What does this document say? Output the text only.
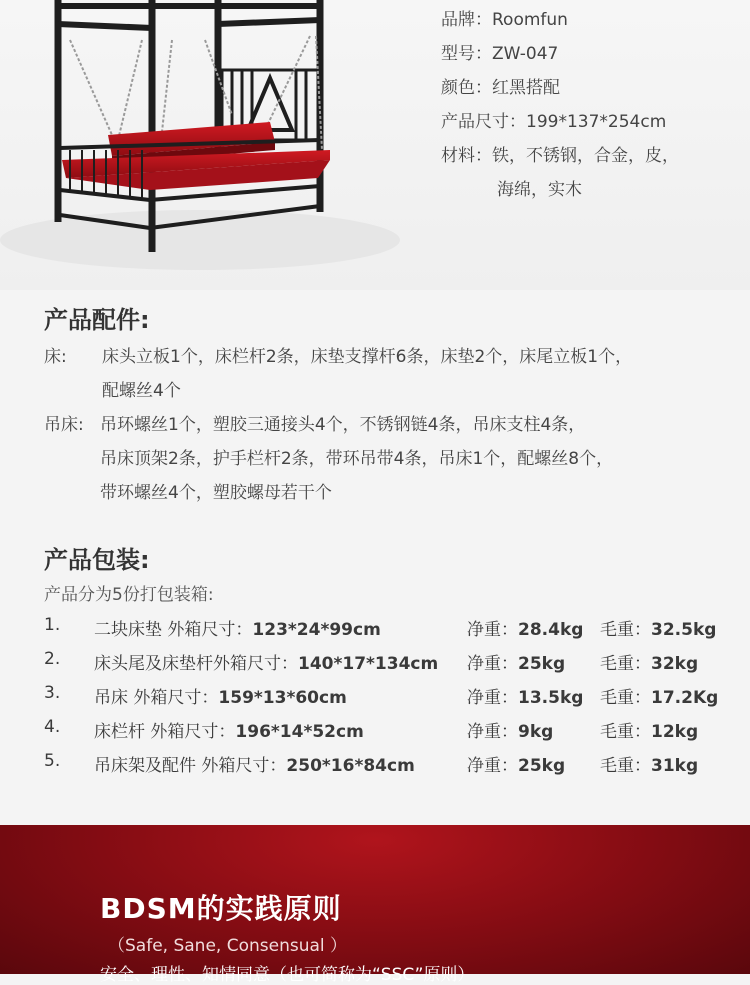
品牌：Roomfun
型号：ZW-047
颜色：红黑搭配
产品尺寸：199*137*254cm
材料：铁，不锈钢，合金，皮，
海绵，实木
产品配件:
床: 床头立板1个，床栏杆2条，床垫支撑杆6条，床垫2个，床尾立板1个，
配螺丝4个
吊床: 吊环螺丝1个，塑胶三通接头4个，不锈钢链4条，吊床支柱4条，
吊床顶架2条，护手栏杆2条，带环吊带4条，吊床1个，配螺丝8个，
带环螺丝4个，塑胶螺母若干个
产品包装:
产品分为5份打包装箱:
1. 二块床垫 外箱尺寸：123*24*99cm	净重：28.4kg 毛重：32.5kg
2. 床头尾及床垫杆外箱尺寸：140*17*134cm 净重：25kg 毛重：32kg
3. 吊床 外箱尺寸：159*13*60cm	净重：13.5kg 毛重：17.2Kg
4. 床栏杆 外箱尺寸：196*14*52cm	净重：9kg	毛重：12kg
5. 吊床架及配件 外箱尺寸：250*16*84cm	净重：25kg 毛重：31kg
BDSM的实践原则
（Safe, Sane, Consensual ）
安全、理性、知情同意（也可简称为“SSC”原则）
